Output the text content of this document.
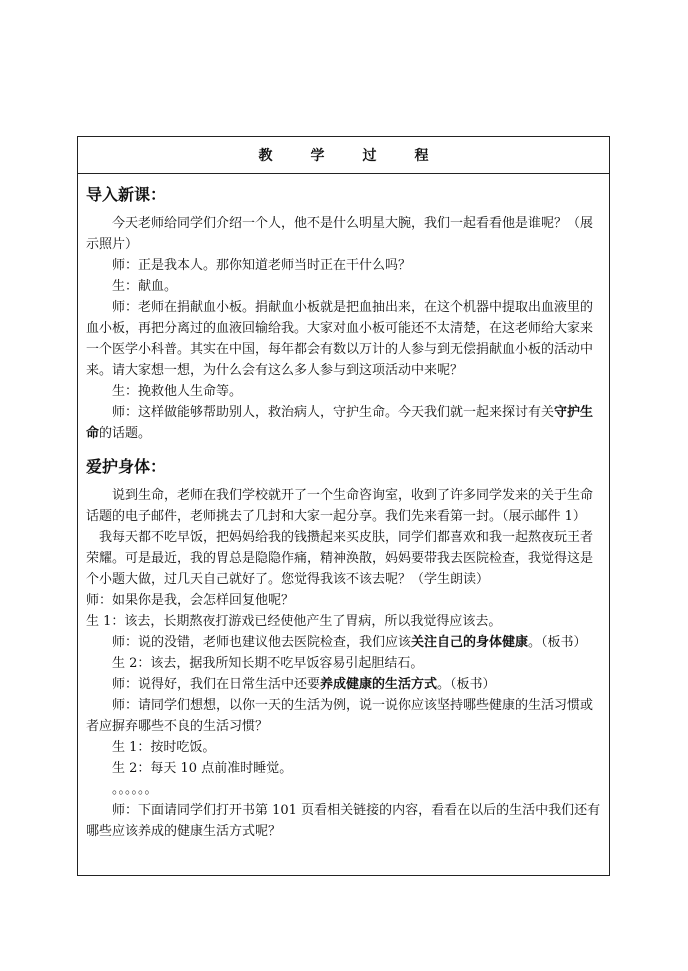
教学过程
导入新课：

今天老师给同学们介绍一个人，他不是什么明星大腕，我们一起看看他是谁呢？（展示照片）

师：正是我本人。那你知道老师当时正在干什么吗？

生：献血。

师：老师在捐献血小板。捐献血小板就是把血抽出来，在这个机器中提取出血液里的血小板，再把分离过的血液回输给我。大家对血小板可能还不太清楚，在这老师给大家来一个医学小科普。其实在中国，每年都会有数以万计的人参与到无偿捐献血小板的活动中来。请大家想一想，为什么会有这么多人参与到这项活动中来呢？

生：挽救他人生命等。

师：这样做能够帮助别人，救治病人，守护生命。今天我们就一起来探讨有关守护生命的话题。

爱护身体：

说到生命，老师在我们学校就开了一个生命咨询室，收到了许多同学发来的关于生命话题的电子邮件，老师挑去了几封和大家一起分享。我们先来看第一封。（展示邮件 1）

我每天都不吃早饭，把妈妈给我的钱攒起来买皮肤，同学们都喜欢和我一起熬夜玩王者荣耀。可是最近，我的胃总是隐隐作痛，精神涣散，妈妈要带我去医院检查，我觉得这是个小题大做，过几天自己就好了。您觉得我该不该去呢？（学生朗读）

师：如果你是我，会怎样回复他呢？

生 1：该去，长期熬夜打游戏已经使他产生了胃病，所以我觉得应该去。

师：说的没错，老师也建议他去医院检查，我们应该关注自己的身体健康。（板书）

生 2：该去，据我所知长期不吃早饭容易引起胆结石。

师：说得好，我们在日常生活中还要养成健康的生活方式。（板书）

师：请同学们想想，以你一天的生活为例，说一说你应该坚持哪些健康的生活习惯或者应摒弃哪些不良的生活习惯？

生 1：按时吃饭。

生 2：每天 10 点前准时睡觉。

。。。。。。

师：下面请同学们打开书第 101 页看相关链接的内容，看看在以后的生活中我们还有哪些应该养成的健康生活方式呢？
